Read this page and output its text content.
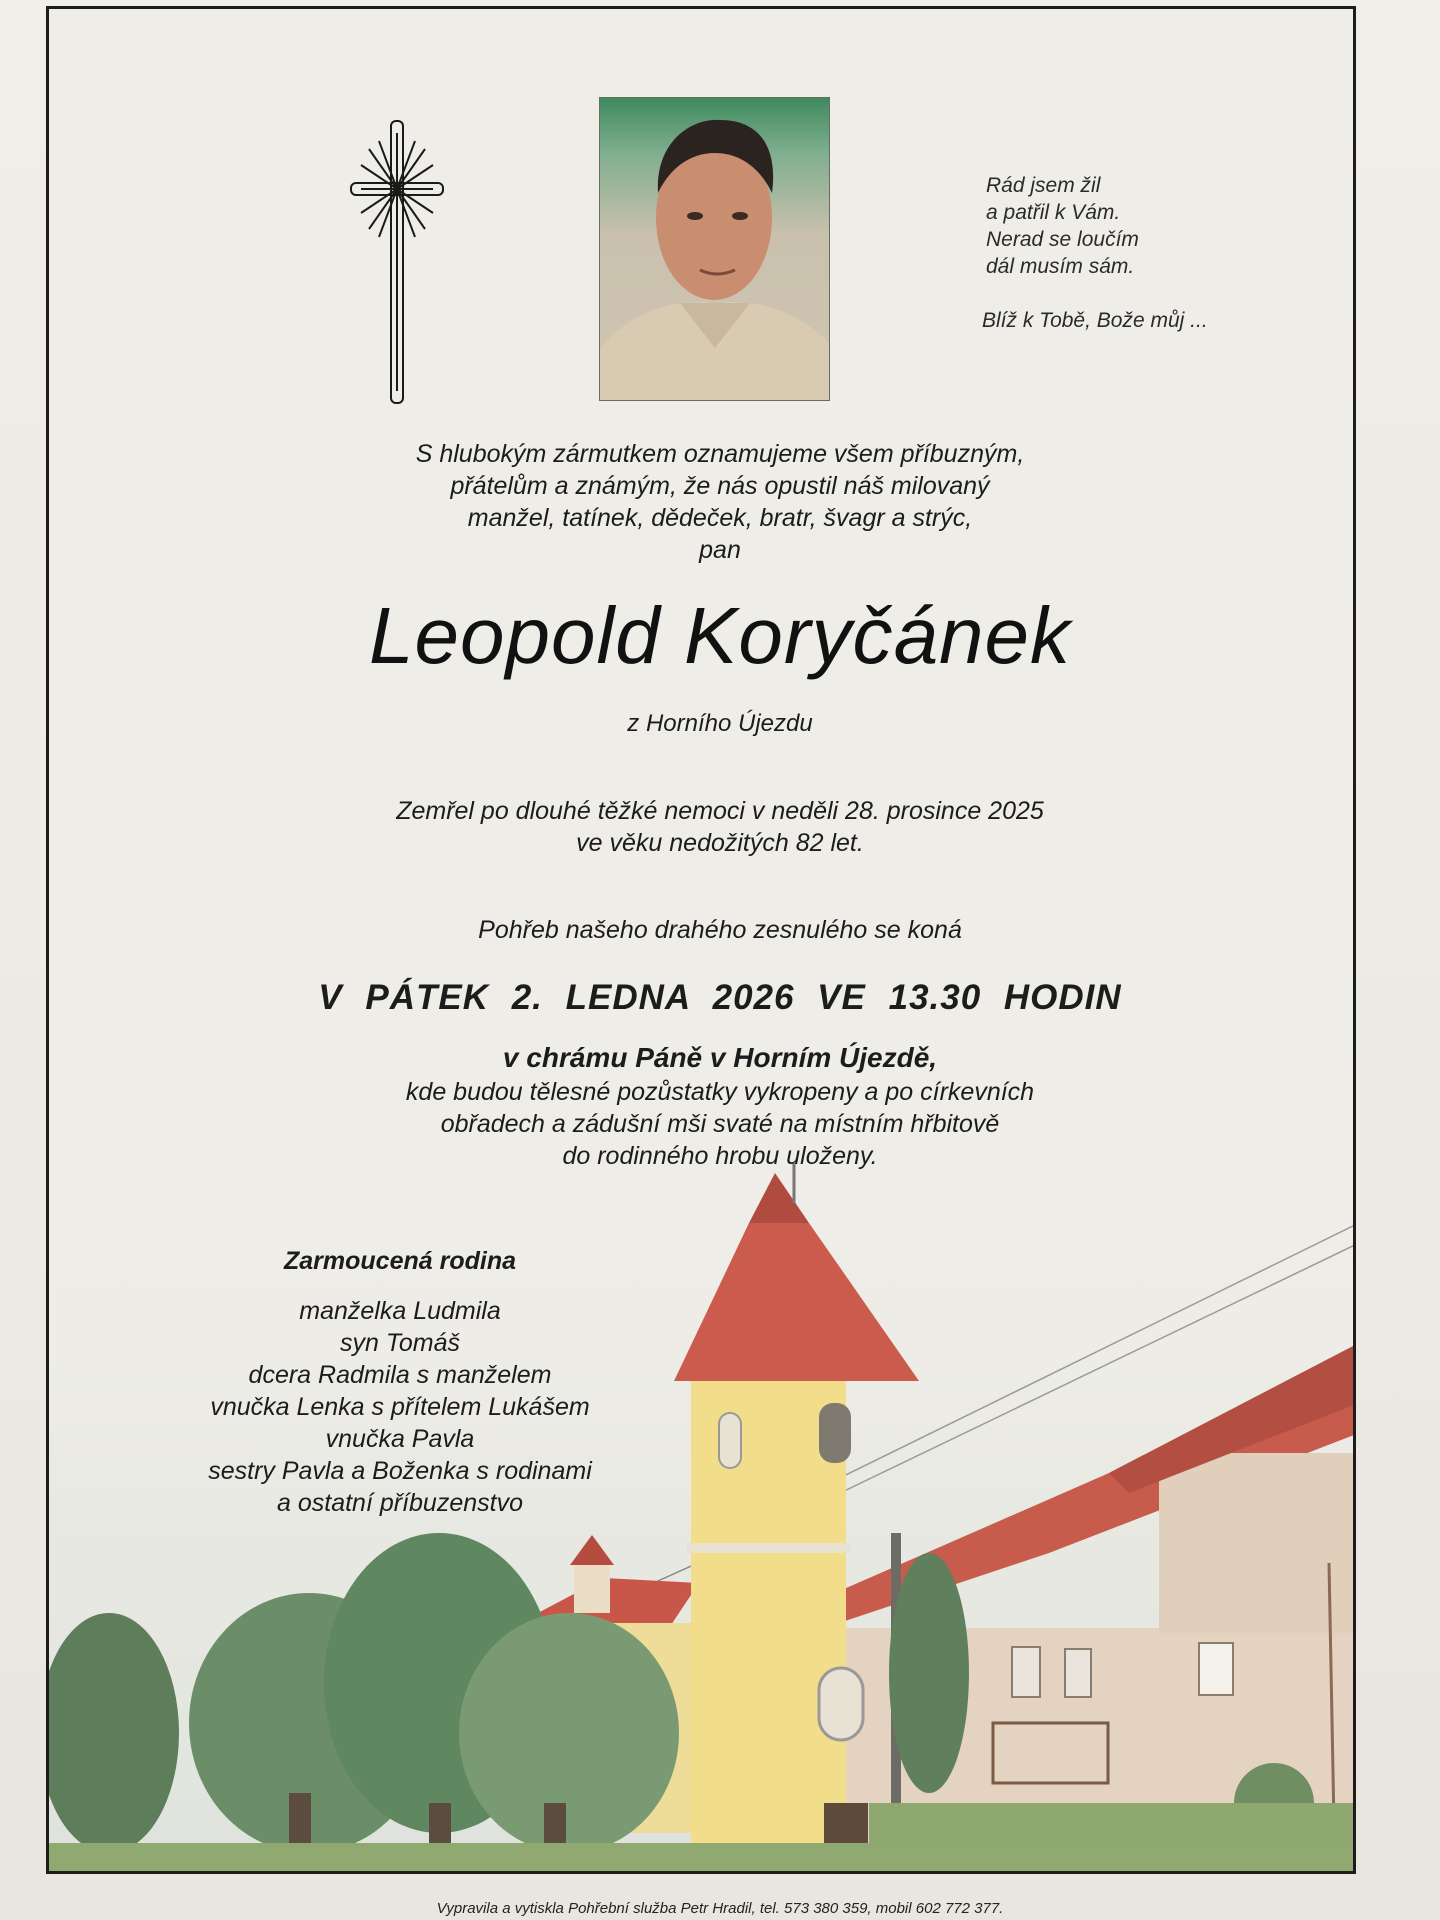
Rád jsem žil
a patřil k Vám.
Nerad se loučím
dál musím sám.
Blíž k Tobě, Bože můj ...
S hlubokým zármutkem oznamujeme všem příbuzným,
přátelům a známým, že nás opustil náš milovaný
manžel, tatínek, dědeček, bratr, švagr a strýc,
pan
Leopold Koryčánek
z Horního Újezdu
Zemřel po dlouhé těžké nemoci v neděli 28. prosince 2025
ve věku nedožitých 82 let.
Pohřeb našeho drahého zesnulého se koná
V PÁTEK 2. LEDNA 2026 VE 13.30 HODIN
v chrámu Páně v Horním Újezdě,
kde budou tělesné pozůstatky vykropeny a po církevních
obřadech a zádušní mši svaté na místním hřbitově
do rodinného hrobu uloženy.
Zarmoucená rodina
manželka Ludmila
syn Tomáš
dcera Radmila s manželem
vnučka Lenka s přítelem Lukášem
vnučka Pavla
sestry Pavla a Boženka s rodinami
a ostatní příbuzenstvo
Vypravila a vytiskla Pohřební služba Petr Hradil, tel. 573 380 359, mobil 602 772 377.
